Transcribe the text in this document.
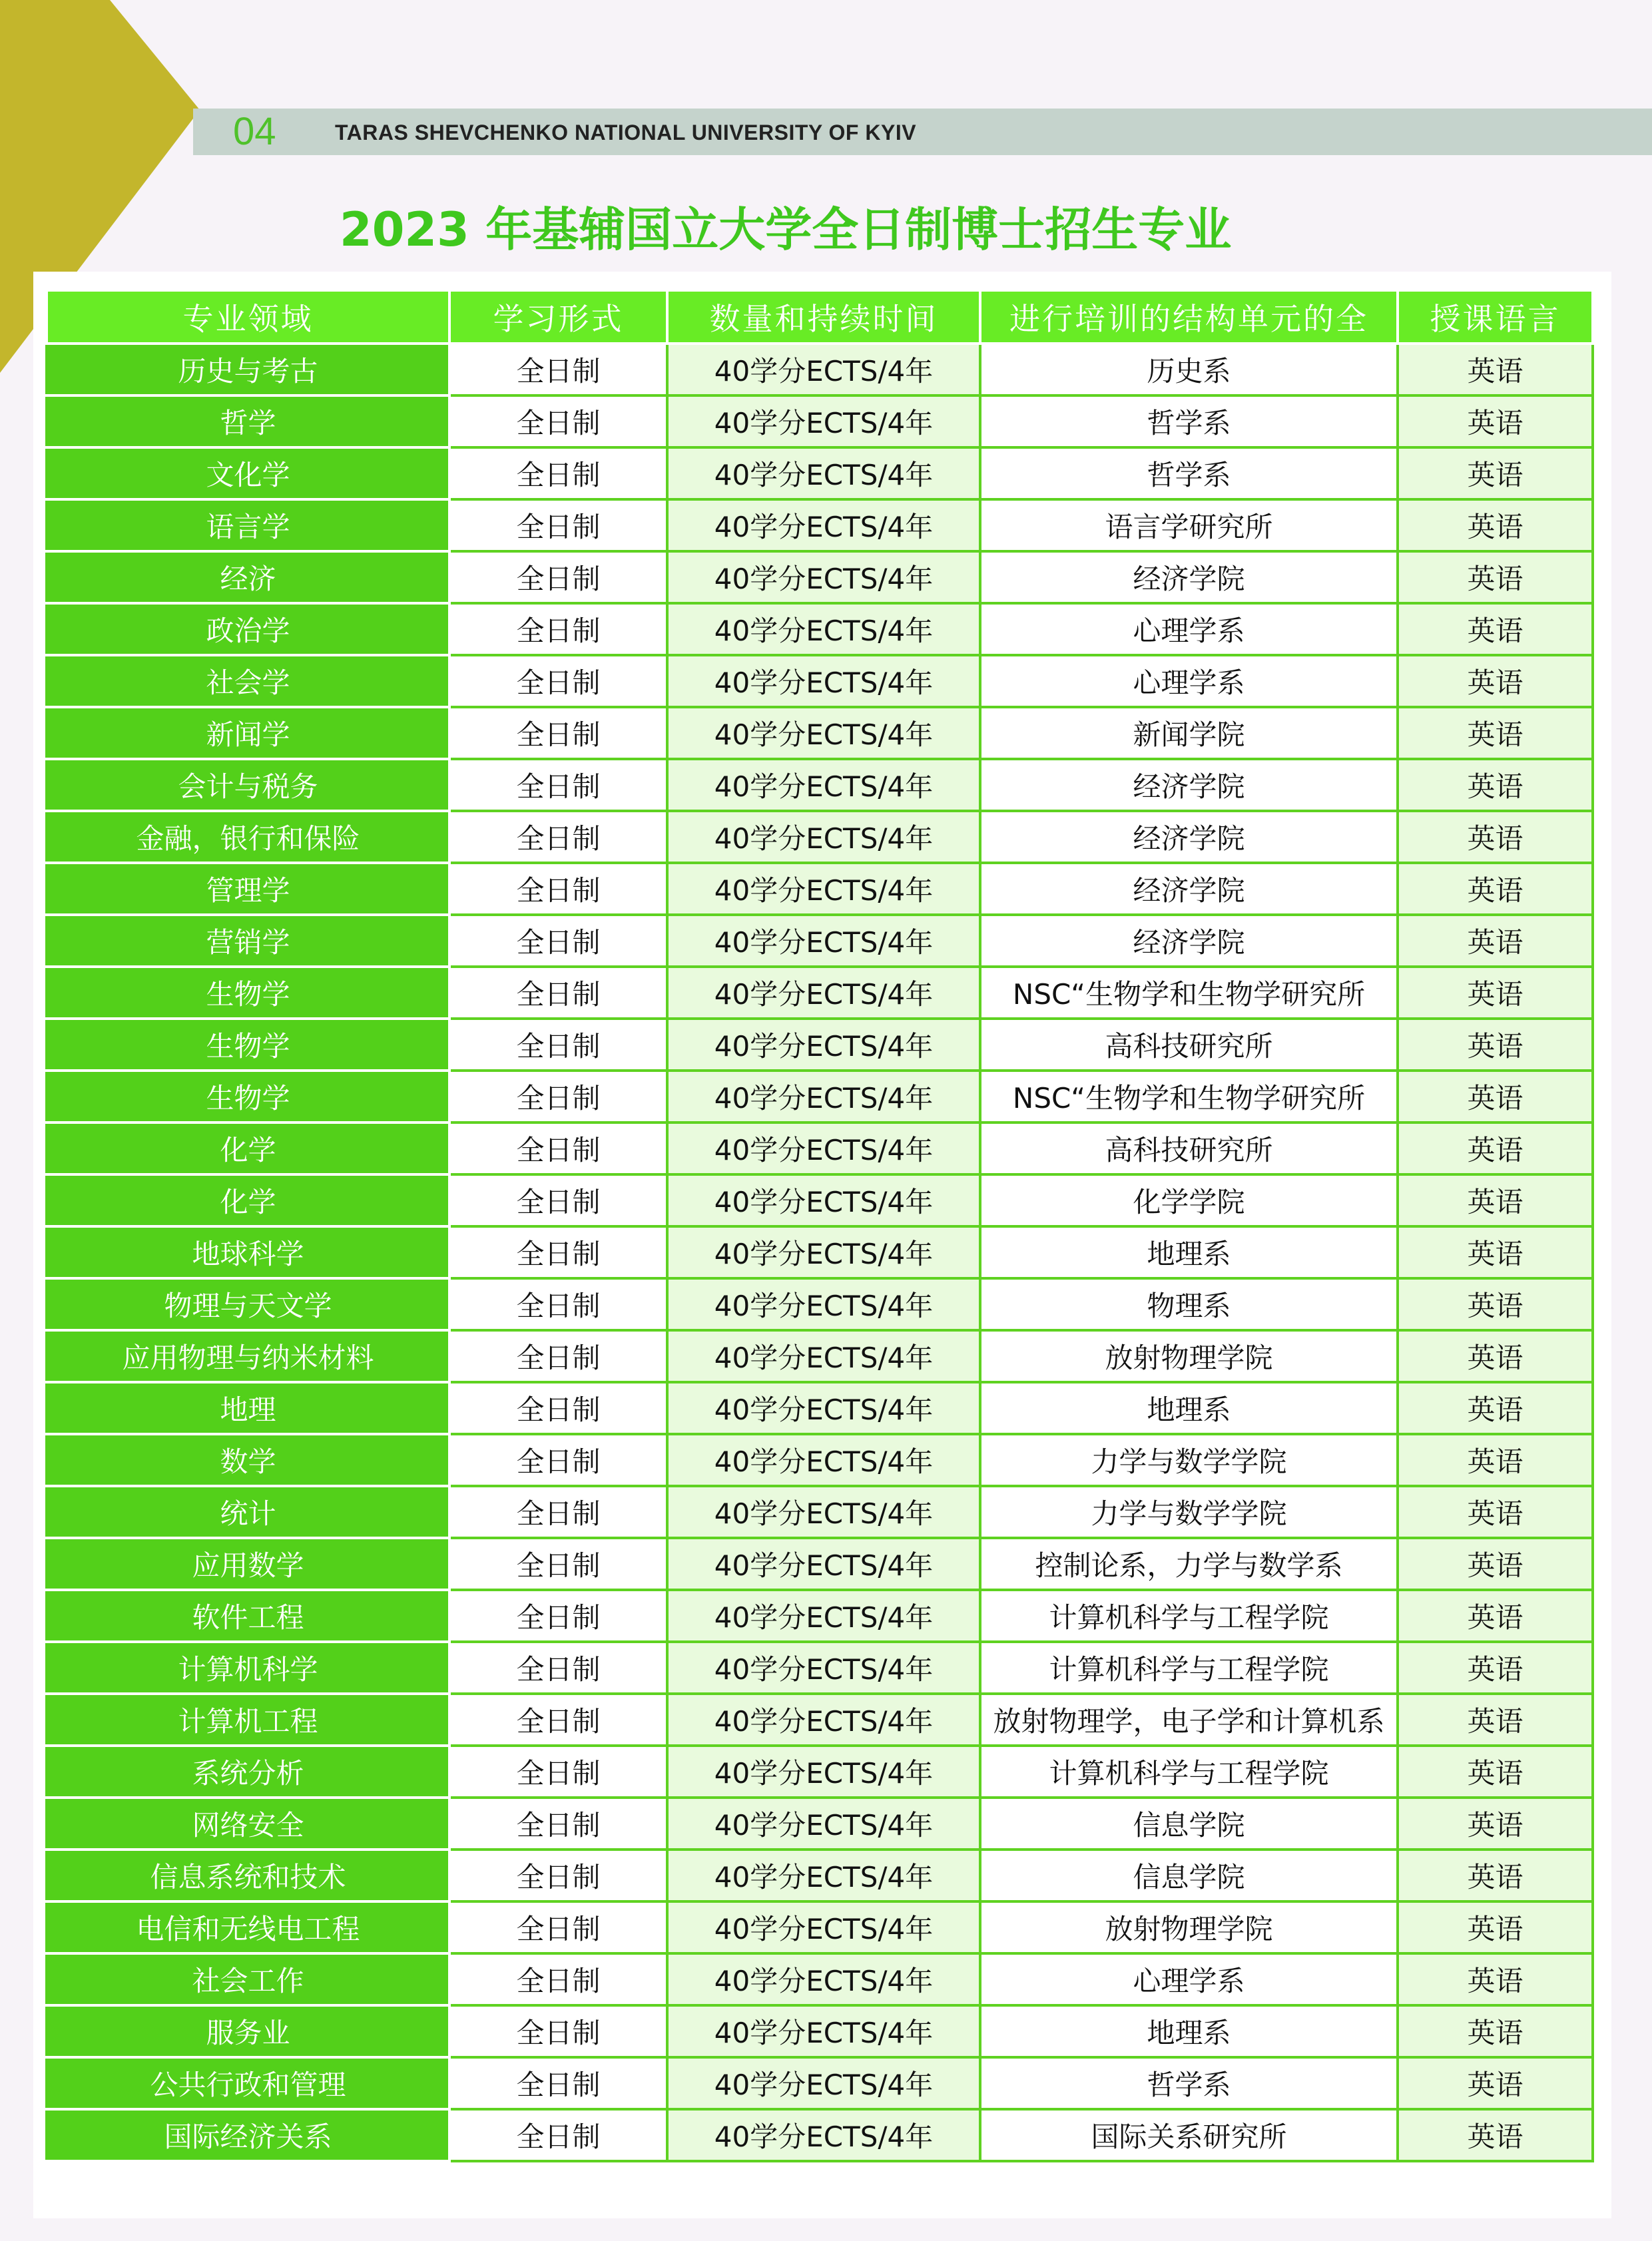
04	TARAS SHEVCHENKO NATIONAL UNIVERSITY OF KYIV
2023 年基辅国立大学全日制博士招生专业
专业领域	学习形式	数量和持续时间	进行培训的结构单元的全	授课语言
历史与考古	全日制	40学分ECTS/4年	历史系	英语
哲学	全日制	40学分ECTS/4年	哲学系	英语
文化学	全日制	40学分ECTS/4年	哲学系	英语
语言学	全日制	40学分ECTS/4年	语言学研究所	英语
经济	全日制	40学分ECTS/4年	经济学院	英语
政治学	全日制	40学分ECTS/4年	心理学系	英语
社会学	全日制	40学分ECTS/4年	心理学系	英语
新闻学	全日制	40学分ECTS/4年	新闻学院	英语
会计与税务	全日制	40学分ECTS/4年	经济学院	英语
金融，银行和保险	全日制	40学分ECTS/4年	经济学院	英语
管理学	全日制	40学分ECTS/4年	经济学院	英语
营销学	全日制	40学分ECTS/4年	经济学院	英语
生物学	全日制	40学分ECTS/4年	NSC“生物学和生物学研究所	英语
生物学	全日制	40学分ECTS/4年	高科技研究所	英语
生物学	全日制	40学分ECTS/4年	NSC“生物学和生物学研究所	英语
化学	全日制	40学分ECTS/4年	高科技研究所	英语
化学	全日制	40学分ECTS/4年	化学学院	英语
地球科学	全日制	40学分ECTS/4年	地理系	英语
物理与天文学	全日制	40学分ECTS/4年	物理系	英语
应用物理与纳米材料	全日制	40学分ECTS/4年	放射物理学院	英语
地理	全日制	40学分ECTS/4年	地理系	英语
数学	全日制	40学分ECTS/4年	力学与数学学院	英语
统计	全日制	40学分ECTS/4年	力学与数学学院	英语
应用数学	全日制	40学分ECTS/4年	控制论系，力学与数学系	英语
软件工程	全日制	40学分ECTS/4年	计算机科学与工程学院	英语
计算机科学	全日制	40学分ECTS/4年	计算机科学与工程学院	英语
计算机工程	全日制	40学分ECTS/4年	放射物理学，电子学和计算机系	英语
系统分析	全日制	40学分ECTS/4年	计算机科学与工程学院	英语
网络安全	全日制	40学分ECTS/4年	信息学院	英语
信息系统和技术	全日制	40学分ECTS/4年	信息学院	英语
电信和无线电工程	全日制	40学分ECTS/4年	放射物理学院	英语
社会工作	全日制	40学分ECTS/4年	心理学系	英语
服务业	全日制	40学分ECTS/4年	地理系	英语
公共行政和管理	全日制	40学分ECTS/4年	哲学系	英语
国际经济关系	全日制	40学分ECTS/4年	国际关系研究所	英语
